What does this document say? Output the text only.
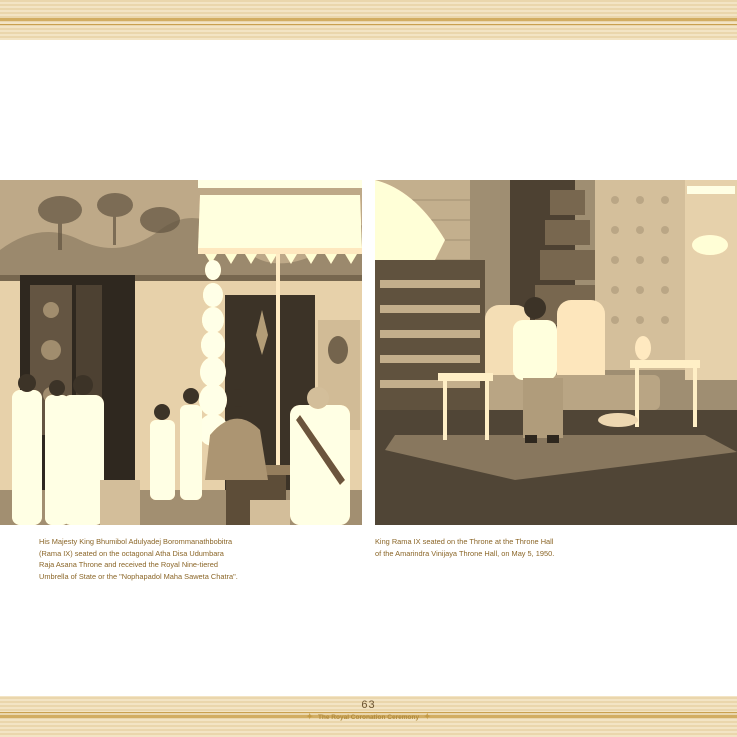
His Majesty King Bhumibol Adulyadej Borommanathbobitra
(Rama IX) seated on the octagonal Atha Disa Udumbara
Raja Asana Throne and received the Royal Nine-tiered
Umbrella of State or the "Nophapadol Maha Saweta Chatra".

King Rama IX seated on the Throne at the Throne Hall
of the Amarindra Vinijaya Throne Hall, on May 5, 1950.

63
✦ The Royal Coronation Ceremony ✦
